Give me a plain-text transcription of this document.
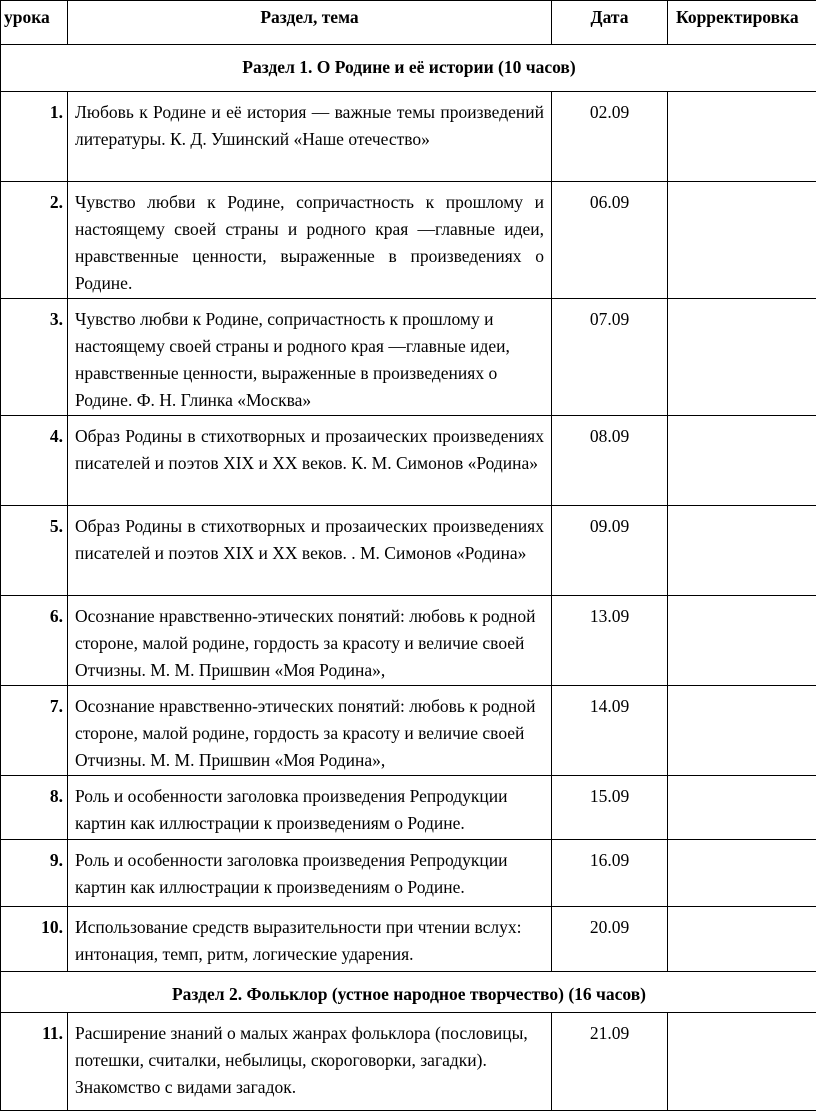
урока	Раздел, тема	Дата	Корректировка
Раздел 1. О Родине и её истории (10 часов)			
1.	Любовь к Родине и её история — важные темы произведений литературы. К. Д. Ушинский «Наше отечество»	02.09	
2.	Чувство любви к Родине, сопричастность к прошлому и настоящему своей страны и родного края —главные идеи, нравственные ценности, выраженные в произведениях о Родине.	06.09	
3.	Чувство любви к Родине, сопричастность к прошлому и настоящему своей страны и родного края —главные идеи, нравственные ценности, выраженные в произведениях о Родине. Ф. Н. Глинка «Москва»	07.09	
4.	Образ Родины в стихотворных и прозаических произведениях писателей и поэтов XIX и XX веков. К. М. Симонов «Родина»	08.09	
5.	Образ Родины в стихотворных и прозаических произведениях писателей и поэтов XIX и XX веков. . М. Симонов «Родина»	09.09	
6.	Осознание нравственно-этических понятий: любовь к родной стороне, малой родине, гордость за красоту и величие своей Отчизны. М. М. Пришвин «Моя Родина»,	13.09	
7.	Осознание нравственно-этических понятий: любовь к родной стороне, малой родине, гордость за красоту и величие своей Отчизны. М. М. Пришвин «Моя Родина»,	14.09	
8.	Роль и особенности заголовка произведения Репродукции картин как иллюстрации к произведениям о Родине.	15.09	
9.	Роль и особенности заголовка произведения Репродукции картин как иллюстрации к произведениям о Родине.	16.09	
10.	Использование средств выразительности при чтении вслух: интонация, темп, ритм, логические ударения.	20.09	
Раздел 2. Фольклор (устное народное творчество) (16 часов)			
11.	Расширение знаний о малых жанрах фольклора (пословицы, потешки, считалки, небылицы, скороговорки, загадки). Знакомство с видами загадок.	21.09	
